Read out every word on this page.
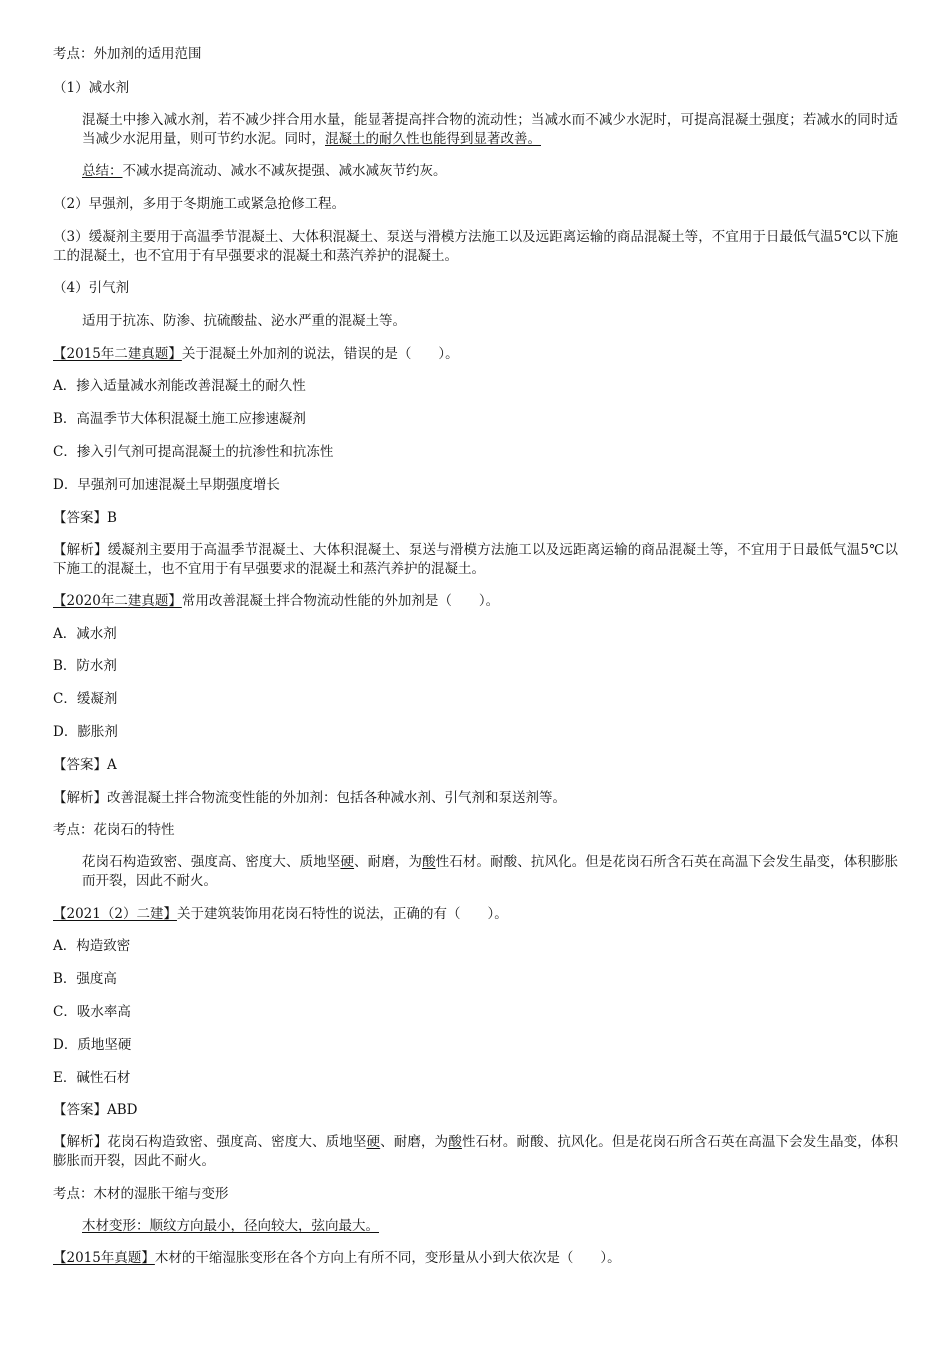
考点：外加剂的适用范围
（1）减水剂
混凝土中掺入减水剂，若不减少拌合用水量，能显著提高拌合物的流动性；当减水而不减少水泥时，可提高混凝土强度；若减水的同时适当减少水泥用量，则可节约水泥。同时，混凝土的耐久性也能得到显著改善。
总结：不减水提高流动、减水不减灰提强、减水减灰节约灰。
（2）早强剂，多用于冬期施工或紧急抢修工程。
（3）缓凝剂主要用于高温季节混凝土、大体积混凝土、泵送与滑模方法施工以及远距离运输的商品混凝土等，不宜用于日最低气温5℃以下施工的混凝土，也不宜用于有早强要求的混凝土和蒸汽养护的混凝土。
（4）引气剂
适用于抗冻、防渗、抗硫酸盐、泌水严重的混凝土等。
【2015年二建真题】关于混凝土外加剂的说法，错误的是（　　）。
A．掺入适量减水剂能改善混凝土的耐久性
B．高温季节大体积混凝土施工应掺速凝剂
C．掺入引气剂可提高混凝土的抗渗性和抗冻性
D．早强剂可加速混凝土早期强度增长
【答案】B
【解析】缓凝剂主要用于高温季节混凝土、大体积混凝土、泵送与滑模方法施工以及远距离运输的商品混凝土等，不宜用于日最低气温5℃以下施工的混凝土，也不宜用于有早强要求的混凝土和蒸汽养护的混凝土。
【2020年二建真题】常用改善混凝土拌合物流动性能的外加剂是（　　）。
A．减水剂
B．防水剂
C．缓凝剂
D．膨胀剂
【答案】A
【解析】改善混凝土拌合物流变性能的外加剂：包括各种减水剂、引气剂和泵送剂等。
考点：花岗石的特性
花岗石构造致密、强度高、密度大、质地坚硬、耐磨，为酸性石材。耐酸、抗风化。但是花岗石所含石英在高温下会发生晶变，体积膨胀而开裂，因此不耐火。
【2021（2）二建】关于建筑装饰用花岗石特性的说法，正确的有（　　）。
A．构造致密
B．强度高
C．吸水率高
D．质地坚硬
E．碱性石材
【答案】ABD
【解析】花岗石构造致密、强度高、密度大、质地坚硬、耐磨，为酸性石材。耐酸、抗风化。但是花岗石所含石英在高温下会发生晶变，体积膨胀而开裂，因此不耐火。
考点：木材的湿胀干缩与变形
木材变形：顺纹方向最小，径向较大，弦向最大。
【2015年真题】木材的干缩湿胀变形在各个方向上有所不同，变形量从小到大依次是（　　）。
